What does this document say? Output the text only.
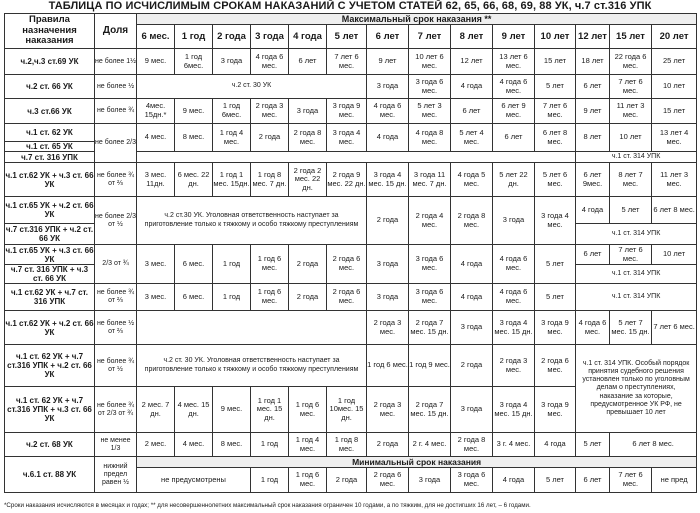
ТАБЛИЦА ПО ИСЧИСЛИМЫМ СРОКАМ НАКАЗАНИЙ С УЧЕТОМ СТАТЕЙ 62, 65, 66, 68, 69, 88 УК, ч.7 ст.316 УПК
Правила назначения наказания	Доля	Максимальный срок наказания **													
		6 мес.	1 год	2 года	3 года	4 года	5 лет	6 лет	7 лет	8 лет	9 лет	10 лет	12 лет	15 лет	20 лет
ч.2,ч.3 ст.69 УК	не более 1½	9 мес.	1 год 6мес.	3 года	4 года 6 мес.	6 лет	7 лет 6 мес.	9 лет	10 лет 6 мес.	12 лет	13 лет 6 мес.	15 лет	18 лет	22 года 6 мес.	25 лет
ч.2 ст. 66 УК	не более ½	ч.2 ст. 30 УК						3 года	3 года 6 мес.	4 года	4 года 6 мес.	5 лет	6 лет	7 лет 6 мес.	10 лет
ч.3 ст.66 УК	не более ¾	4мес. 15дн.*	9 мес.	1 год 6мес.	2 года 3 мес.	3 года	3 года 9 мес.	4 года 6 мес.	5 лет 3 мес.	6 лет	6 лет 9 мес.	7 лет 6 мес.	9 лет	11 лет 3 мес.	15 лет
ч.1 ст. 62 УК	не более 2/3	4 мес.	8 мес.	1 год 4 мес.	2 года	2 года 8 мес.	3 года 4 мес.	4 года	4 года 8 мес.	5 лет 4 мес.	6 лет	6 лет 8 мес.	8 лет	10 лет	13 лет 4 мес.
ч.1 ст. 65 УК															
ч.7 ст. 316 УПК													ч.1 ст. 314 УПК		
ч.1 ст.62 УК + ч.3 ст. 66 УК	не более ¾ от ⅔	3 мес. 11дн.	6 мес. 22 дн.	1 год 1 мес. 15дн.	1 год 8 мес. 7 дн.	2 года 2 мес. 22 дн.	2 года 9 мес. 22 дн.	3 года 4 мес. 15 дн.	3 года 11 мес. 7 дн.	4 года 5 мес.	5 лет 22 дн.	5 лет 6 мес.	6 лет 9мес.	8 лет 7 мес.	11 лет 3 мес.
ч.1 ст.65 УК + ч.2 ст. 66 УК	не более 2/3 от ½	ч.2 ст.30 УК. Уголовная ответственность наступает за приготовление только к тяжкому и особо тяжкому преступлениям						2 года	2 года 4 мес.	2 года 8 мес.	3 года	3 года 4 мес.	4 года	5 лет	6 лет 8 мес.
ч.7 ст.316 УПК + ч.2 ст. 66 УК													ч.1 ст. 314 УПК		
ч.1 ст.65 УК + ч.3 ст. 66 УК	2/3 от ¾	3 мес.	6 мес.	1 год	1 год 6 мес.	2 года	2 года 6 мес.	3 года	3 года 6 мес.	4 года	4 года 6 мес.	5 лет	6 лет	7 лет 6 мес.	10 лет
ч.7 ст. 316 УПК + ч.3 ст. 66 УК													ч.1 ст. 314 УПК		
ч.1 ст.62 УК + ч.7 ст. 316 УПК	не более ¾ от ⅔	3 мес.	6 мес.	1 год	1 год 6 мес.	2 года	2 года 6 мес.	3 года	3 года 6 мес.	4 года	4 года 6 мес.	5 лет	ч.1 ст. 314 УПК		
ч.1 ст.62 УК + ч.2 ст. 66 УК	не более ½ от ⅔							2 года 3 мес.	2 года 7 мес. 15 дн.	3 года	3 года 4 мес. 15 дн.	3 года 9 мес.	4 года 6 мес.	5 лет 7 мес. 15 дн.	7 лет 6 мес.
ч.1 ст. 62 УК + ч.7 ст.316 УПК + ч.2 ст. 66 УК	не более ¾ от ½	ч.2 ст. 30 УК. Уголовная ответственность наступает за приготовление только к тяжкому и особо тяжкому преступлениям						1 год 6 мес.	1 год 9 мес.	2 года	2 года 3 мес.	2 года 6 мес.	ч.1 ст. 314 УПК. Особый порядок принятия судебного решения установлен только по уголовным делам о преступлениях, наказание за которые, предусмотренное УК РФ, не превышает 10 лет		
ч.1 ст. 62 УК + ч.7 ст.316 УПК + ч.3 ст. 66 УК	не более ¾ от 2/3 от ¾	2 мес. 7 дн.	4 мес. 15 дн.	9 мес.	1 год 1 мес. 15 дн.	1 год 6 мес.	1 год 10мес. 15 дн.	2 года 3 мес.	2 года 7 мес. 15 дн.	3 года	3 года 4 мес. 15 дн.	3 года 9 мес.			
ч.2 ст. 68 УК	не менее 1/3	2 мес.	4 мес.	8 мес.	1 год	1 год 4 мес.	1 год 8 мес.	2 года	2 г. 4 мес.	2 года 8 мес.	3 г. 4 мес.	4 года	5 лет	6 лет 8 мес.	
ч.6.1 ст. 88 УК	нижний предел равен ½	Минимальный срок наказания													
		не предусмотрены			1 год	1 год 6 мес.	2 года	2 года 6 мес.	3 года	3 года 6 мес.	4 года	5 лет	6 лет	7 лет 6 мес.	не пред
*Сроки наказания исчисляются в месяцах и годах; ** для несовершеннолетних максимальный срок наказания ограничен 10 годами, а по тяжким, для не достигших 16 лет, – 6 годами.
